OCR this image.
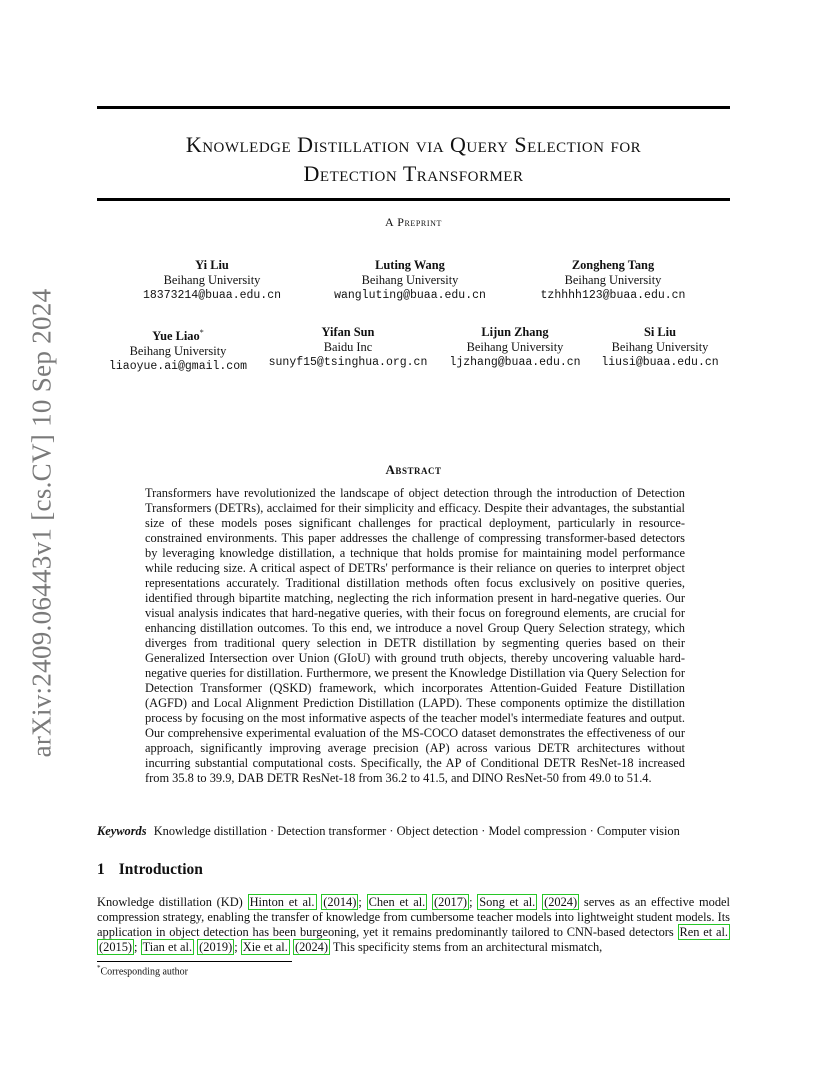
arXiv:2409.06443v1 [cs.CV] 10 Sep 2024
Knowledge Distillation via Query Selection for
Detection Transformer
A Preprint
Yi Liu
Beihang University
18373214@buaa.edu.cn
Luting Wang
Beihang University
wangluting@buaa.edu.cn
Zongheng Tang
Beihang University
tzhhhh123@buaa.edu.cn
Yue Liao*
Beihang University
liaoyue.ai@gmail.com
Yifan Sun
Baidu Inc
sunyf15@tsinghua.org.cn
Lijun Zhang
Beihang University
ljzhang@buaa.edu.cn
Si Liu
Beihang University
liusi@buaa.edu.cn
Abstract
Transformers have revolutionized the landscape of object detection through the introduction of Detection Transformers (DETRs), acclaimed for their simplicity and efficacy. Despite their advantages, the substantial size of these models poses significant challenges for practical deployment, particularly in resource-constrained environments. This paper addresses the challenge of compressing transformer-based detectors by leveraging knowledge distillation, a technique that holds promise for maintaining model performance while reducing size. A critical aspect of DETRs' performance is their reliance on queries to interpret object representations accurately. Traditional distillation methods often focus exclusively on positive queries, identified through bipartite matching, neglecting the rich information present in hard-negative queries. Our visual analysis indicates that hard-negative queries, with their focus on foreground elements, are crucial for enhancing distillation outcomes. To this end, we introduce a novel Group Query Selection strategy, which diverges from traditional query selection in DETR distillation by segmenting queries based on their Generalized Intersection over Union (GIoU) with ground truth objects, thereby uncovering valuable hard-negative queries for distillation. Furthermore, we present the Knowledge Distillation via Query Selection for Detection Transformer (QSKD) framework, which incorporates Attention-Guided Feature Distillation (AGFD) and Local Alignment Prediction Distillation (LAPD). These components optimize the distillation process by focusing on the most informative aspects of the teacher model's intermediate features and output. Our comprehensive experimental evaluation of the MS-COCO dataset demonstrates the effectiveness of our approach, significantly improving average precision (AP) across various DETR architectures without incurring substantial computational costs. Specifically, the AP of Conditional DETR ResNet-18 increased from 35.8 to 39.9, DAB DETR ResNet-18 from 36.2 to 41.5, and DINO ResNet-50 from 49.0 to 51.4.
Keywords Knowledge distillation · Detection transformer · Object detection · Model compression · Computer vision
1 Introduction
Knowledge distillation (KD) Hinton et al. (2014) ; Chen et al. (2017) ; Song et al. (2024) serves as an effective model compression strategy, enabling the transfer of knowledge from cumbersome teacher models into lightweight student models. Its application in object detection has been burgeoning, yet it remains predominantly tailored to CNN-based detectors Ren et al. (2015) ; Tian et al. (2019) ; Xie et al. (2024) This specificity stems from an architectural mismatch,
*Corresponding author
